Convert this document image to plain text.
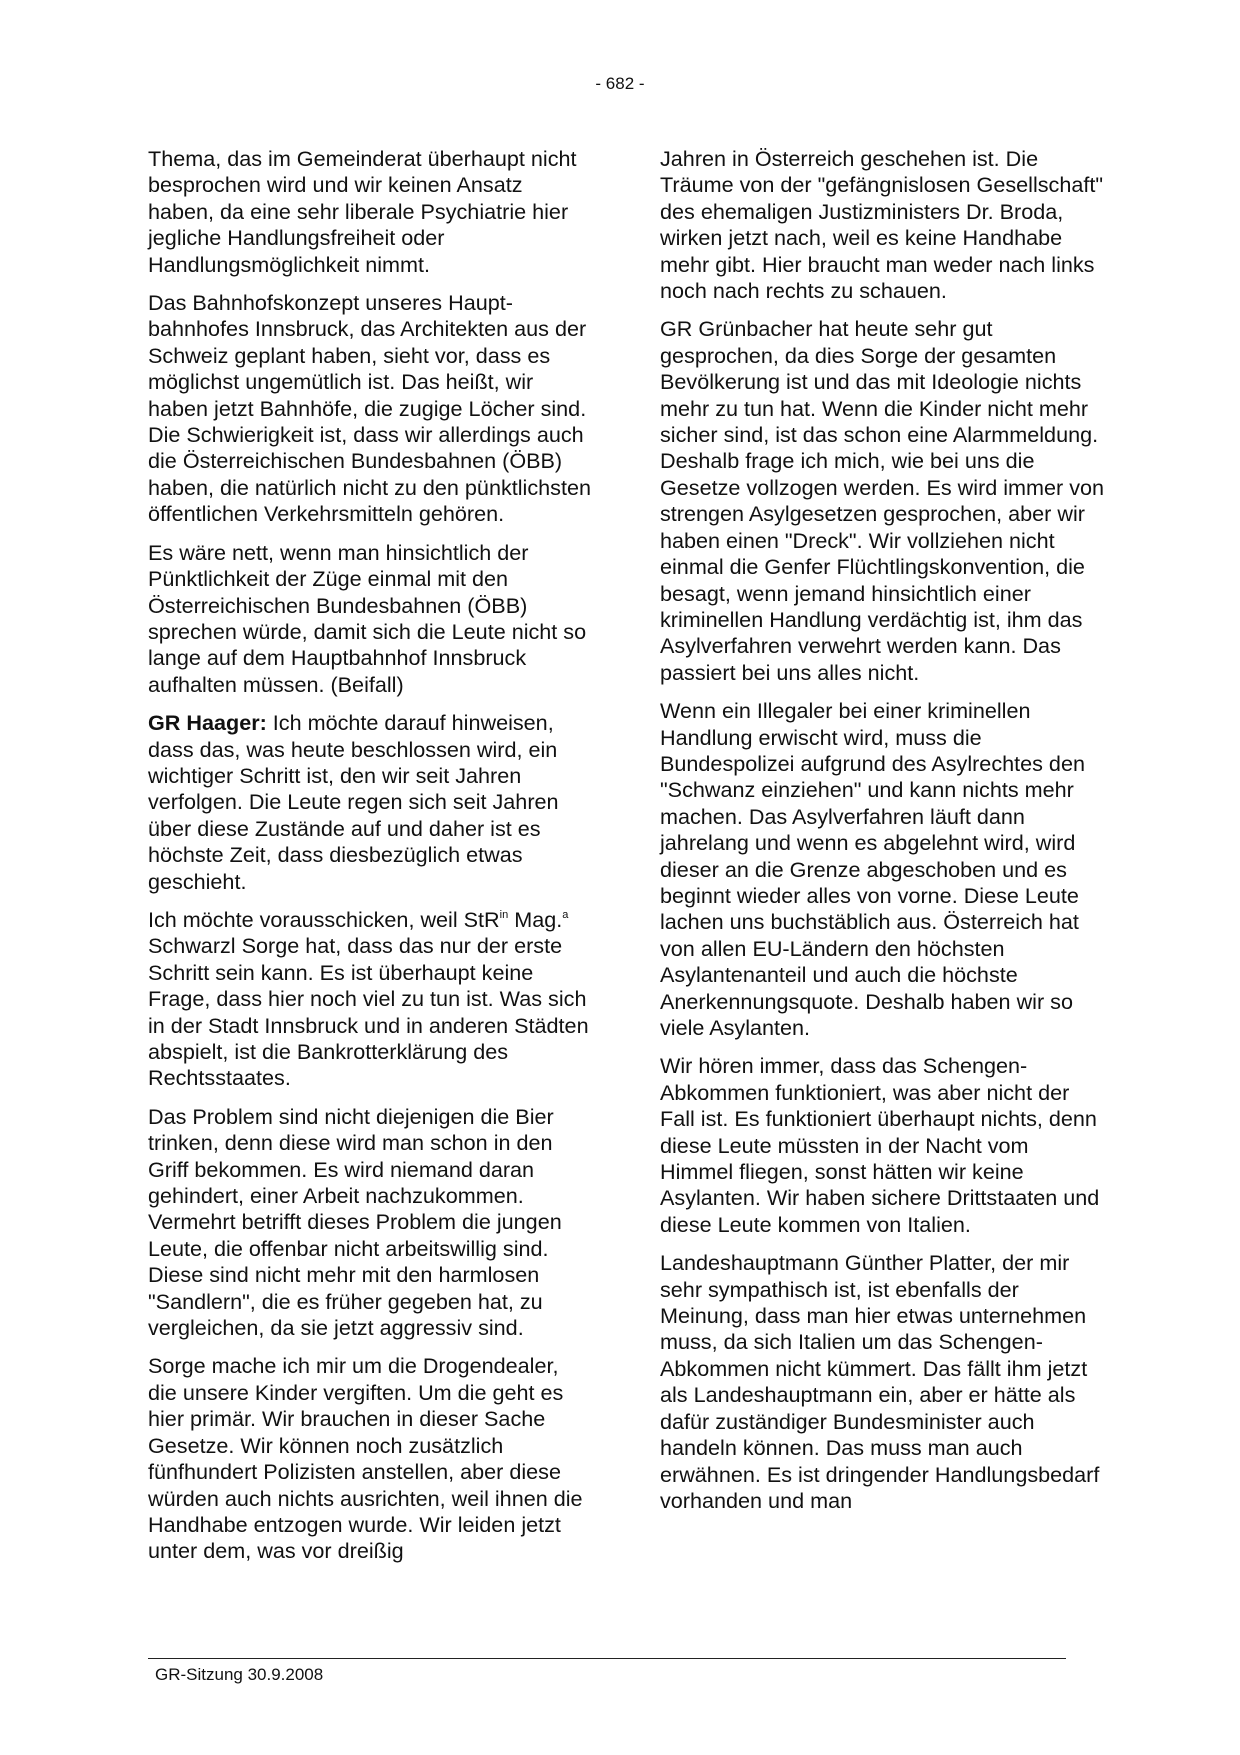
- 682 -

Thema, das im Gemeinderat überhaupt nicht besprochen wird und wir keinen Ansatz haben, da eine sehr liberale Psychiatrie hier jegliche Handlungsfreiheit oder Handlungsmöglichkeit nimmt.

Das Bahnhofskonzept unseres Hauptbahnhofes Innsbruck, das Architekten aus der Schweiz geplant haben, sieht vor, dass es möglichst ungemütlich ist. Das heißt, wir haben jetzt Bahnhöfe, die zugige Löcher sind. Die Schwierigkeit ist, dass wir allerdings auch die Österreichischen Bundesbahnen (ÖBB) haben, die natürlich nicht zu den pünktlichsten öffentlichen Verkehrsmitteln gehören.

Es wäre nett, wenn man hinsichtlich der Pünktlichkeit der Züge einmal mit den Österreichischen Bundesbahnen (ÖBB) sprechen würde, damit sich die Leute nicht so lange auf dem Hauptbahnhof Innsbruck aufhalten müssen. (Beifall)

GR Haager: Ich möchte darauf hinweisen, dass das, was heute beschlossen wird, ein wichtiger Schritt ist, den wir seit Jahren verfolgen. Die Leute regen sich seit Jahren über diese Zustände auf und daher ist es höchste Zeit, dass diesbezüglich etwas geschieht.

Ich möchte vorausschicken, weil StR$^{in}$ Mag.$^a$ Schwarzl Sorge hat, dass das nur der erste Schritt sein kann. Es ist überhaupt keine Frage, dass hier noch viel zu tun ist. Was sich in der Stadt Innsbruck und in anderen Städten abspielt, ist die Bankrotterklärung des Rechtsstaates.

Das Problem sind nicht diejenigen die Bier trinken, denn diese wird man schon in den Griff bekommen. Es wird niemand daran gehindert, einer Arbeit nachzukommen. Vermehrt betrifft dieses Problem die jungen Leute, die offenbar nicht arbeitswillig sind. Diese sind nicht mehr mit den harmlosen "Sandlern", die es früher gegeben hat, zu vergleichen, da sie jetzt aggressiv sind.

Sorge mache ich mir um die Drogendealer, die unsere Kinder vergiften. Um die geht es hier primär. Wir brauchen in dieser Sache Gesetze. Wir können noch zusätzlich fünfhundert Polizisten anstellen, aber diese würden auch nichts ausrichten, weil ihnen die Handhabe entzogen wurde. Wir leiden jetzt unter dem, was vor dreißig

Jahren in Österreich geschehen ist. Die Träume von der "gefängnislosen Gesellschaft" des ehemaligen Justizministers Dr. Broda, wirken jetzt nach, weil es keine Handhabe mehr gibt. Hier braucht man weder nach links noch nach rechts zu schauen.

GR Grünbacher hat heute sehr gut gesprochen, da dies Sorge der gesamten Bevölkerung ist und das mit Ideologie nichts mehr zu tun hat. Wenn die Kinder nicht mehr sicher sind, ist das schon eine Alarmmeldung. Deshalb frage ich mich, wie bei uns die Gesetze vollzogen werden. Es wird immer von strengen Asylgesetzen gesprochen, aber wir haben einen "Dreck". Wir vollziehen nicht einmal die Genfer Flüchtlingskonvention, die besagt, wenn jemand hinsichtlich einer kriminellen Handlung verdächtig ist, ihm das Asylverfahren verwehrt werden kann. Das passiert bei uns alles nicht.

Wenn ein Illegaler bei einer kriminellen Handlung erwischt wird, muss die Bundespolizei aufgrund des Asylrechtes den "Schwanz einziehen" und kann nichts mehr machen. Das Asylverfahren läuft dann jahrelang und wenn es abgelehnt wird, wird dieser an die Grenze abgeschoben und es beginnt wieder alles von vorne. Diese Leute lachen uns buchstäblich aus. Österreich hat von allen EU-Ländern den höchsten Asylantenanteil und auch die höchste Anerkennungsquote. Deshalb haben wir so viele Asylanten.

Wir hören immer, dass das Schengen-Abkommen funktioniert, was aber nicht der Fall ist. Es funktioniert überhaupt nichts, denn diese Leute müssten in der Nacht vom Himmel fliegen, sonst hätten wir keine Asylanten. Wir haben sichere Drittstaaten und diese Leute kommen von Italien.

Landeshauptmann Günther Platter, der mir sehr sympathisch ist, ist ebenfalls der Meinung, dass man hier etwas unternehmen muss, da sich Italien um das Schengen-Abkommen nicht kümmert. Das fällt ihm jetzt als Landeshauptmann ein, aber er hätte als dafür zuständiger Bundesminister auch handeln können. Das muss man auch erwähnen. Es ist dringender Handlungsbedarf vorhanden und man

GR-Sitzung 30.9.2008
